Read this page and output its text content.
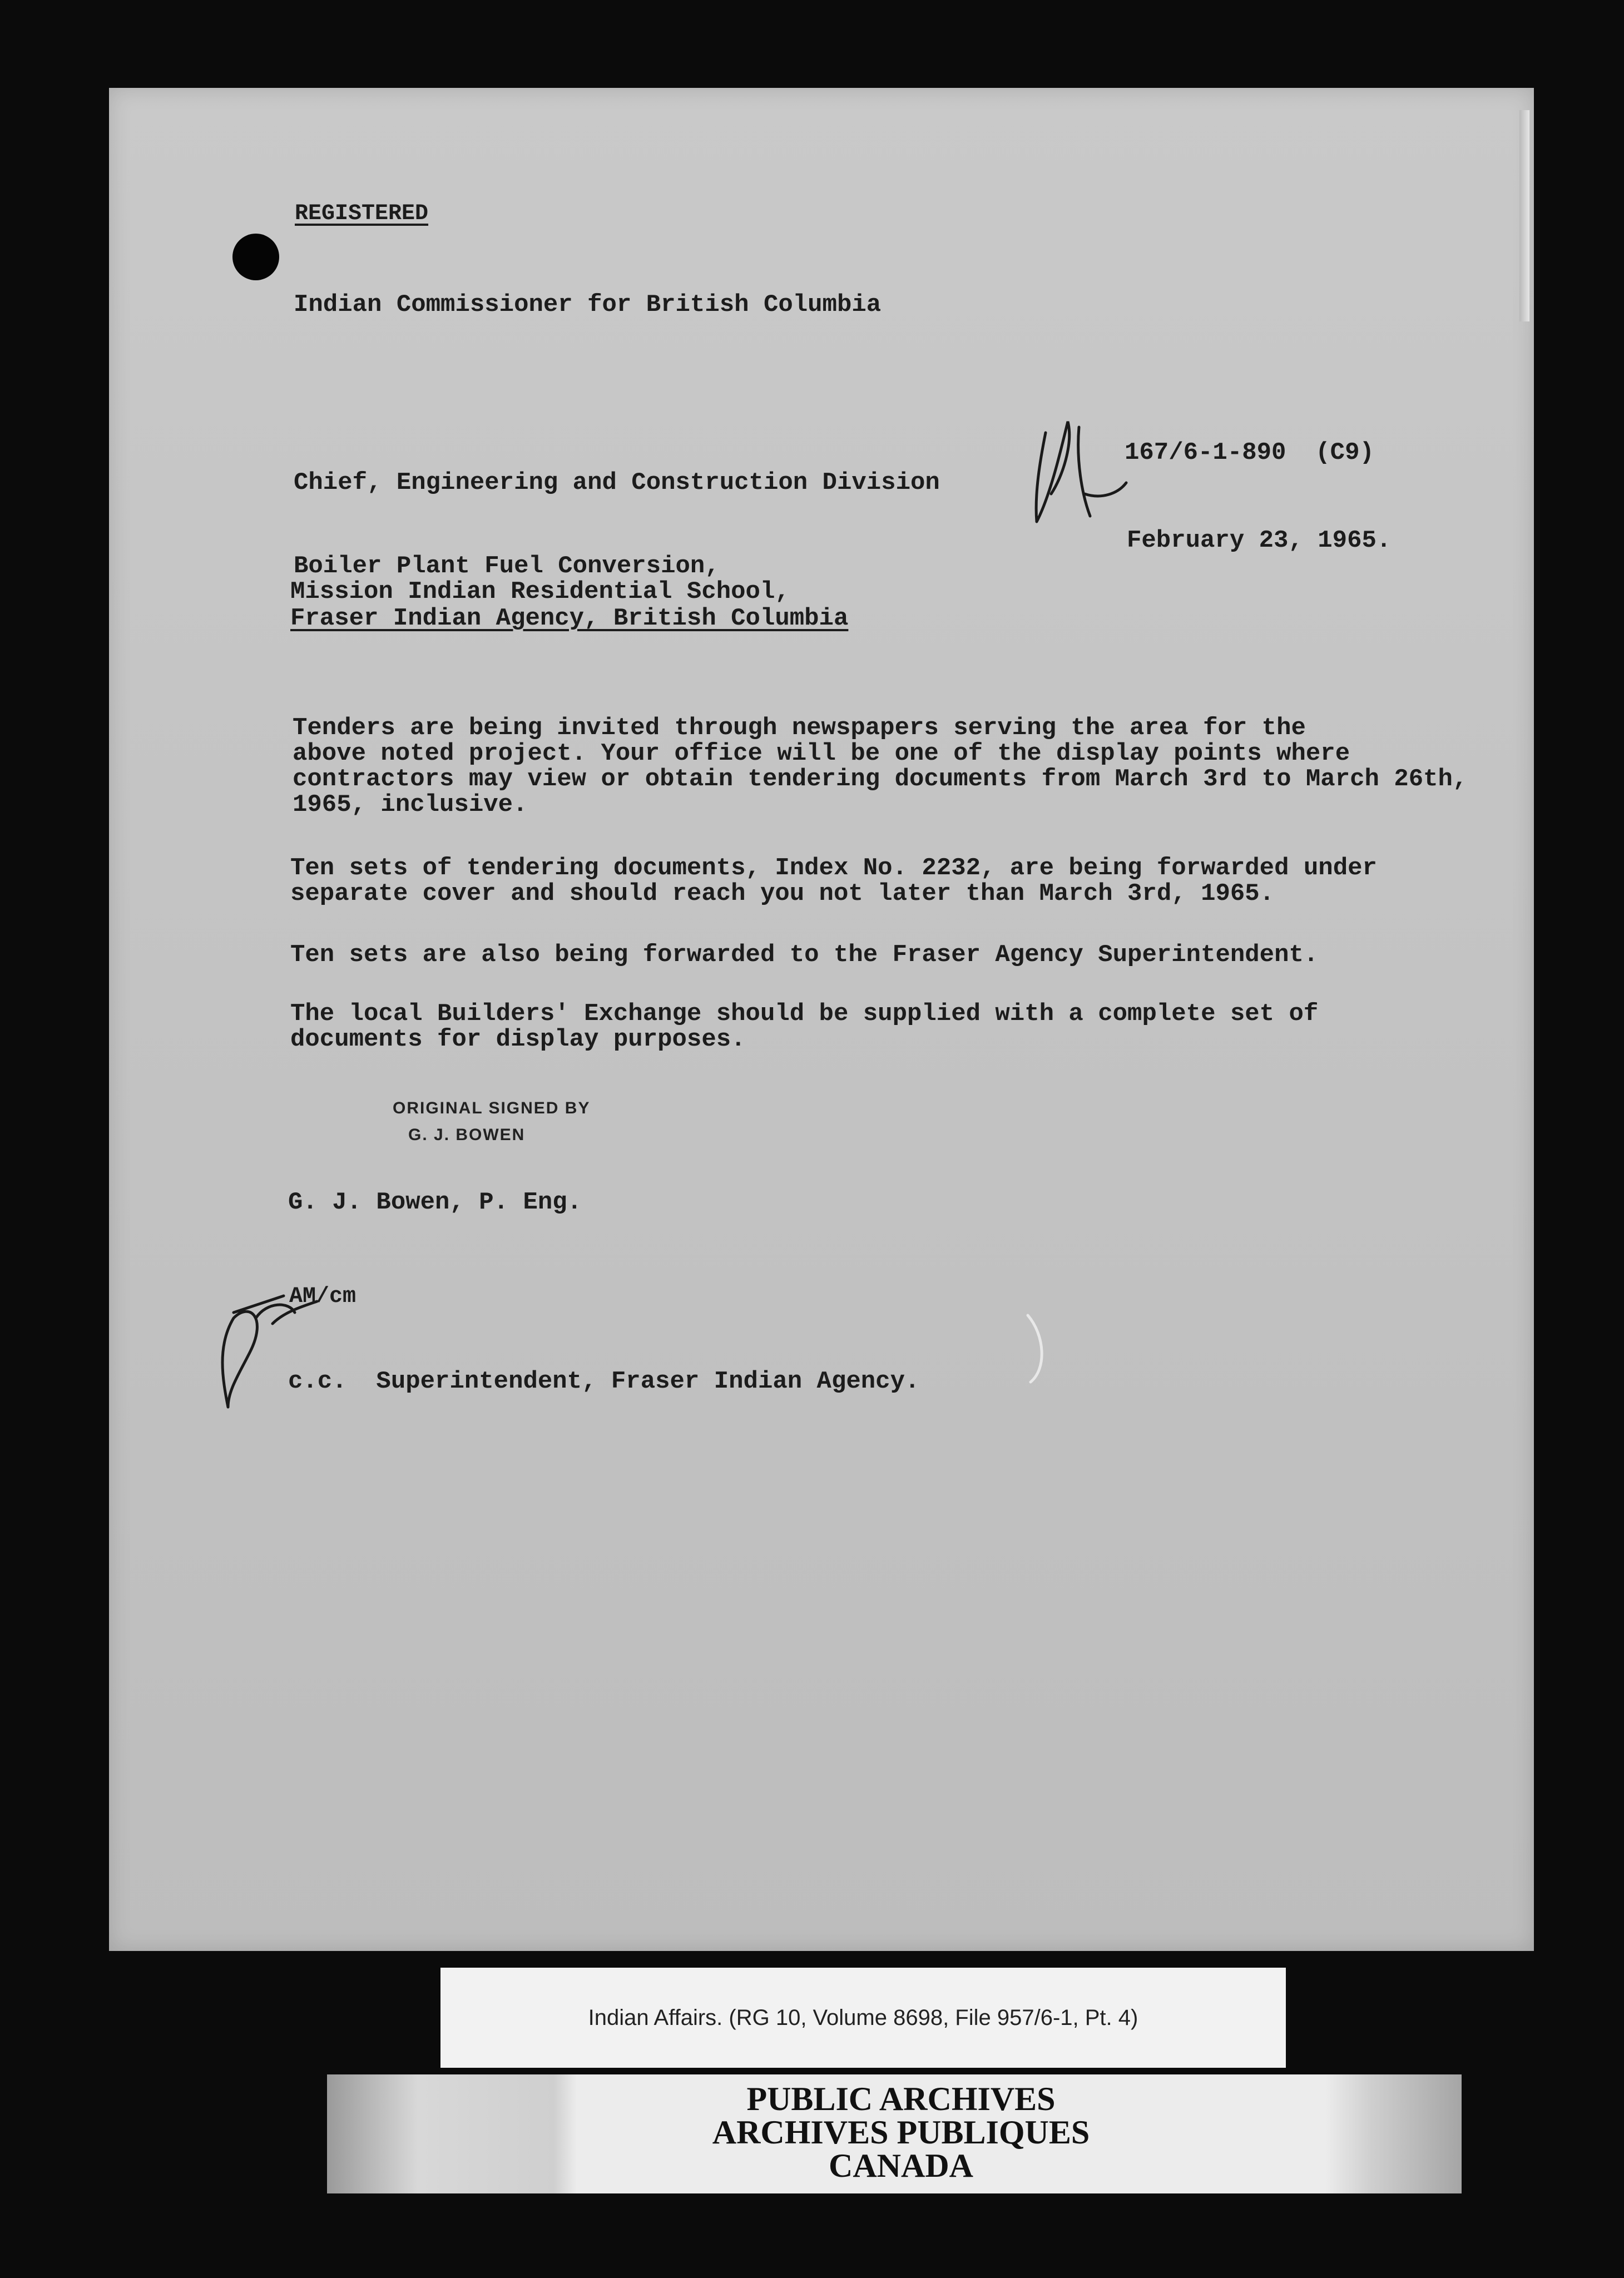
REGISTERED
Indian Commissioner for British Columbia
167/6-1-890  (C9)
Chief, Engineering and Construction Division
February 23, 1965.
Boiler Plant Fuel Conversion,
Mission Indian Residential School,
Fraser Indian Agency, British Columbia

Tenders are being invited through newspapers serving the area for the
above noted project. Your office will be one of the display points where
contractors may view or obtain tendering documents from March 3rd to March 26th,
1965, inclusive.

Ten sets of tendering documents, Index No. 2232, are being forwarded under
separate cover and should reach you not later than March 3rd, 1965.

Ten sets are also being forwarded to the Fraser Agency Superintendent.

The local Builders' Exchange should be supplied with a complete set of
documents for display purposes.

ORIGINAL SIGNED BY
G. J. BOWEN
G. J. Bowen, P. Eng.
AM/cm
c.c.  Superintendent, Fraser Indian Agency.
Indian Affairs. (RG 10, Volume 8698, File 957/6-1, Pt. 4)
PUBLIC ARCHIVES
ARCHIVES PUBLIQUES
CANADA
